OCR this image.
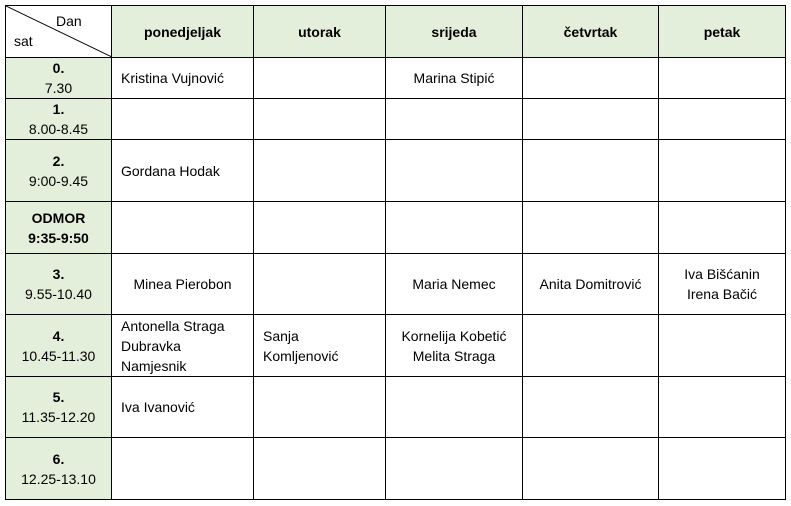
Dan
sat	ponedjeljak	utorak	srijeda	četvrtak	petak

0.
7.30	Kristina Vujnović		Marina Stipić		

1.
8.00-8.45					

2.
9:00-9.45	Gordana Hodak				

ODMOR
9:35-9:50					

3.
9.55-10.40	Minea Pierobon		Maria Nemec	Anita Domitrović	Iva Bišćanin
Irena Bačić

4.
10.45-11.30	Antonella Straga
Dubravka
Namjesnik	Sanja
Komljenović	Kornelija Kobetić
Melita Straga		

5.
11.35-12.20	Iva Ivanović				

6.
12.25-13.10					
